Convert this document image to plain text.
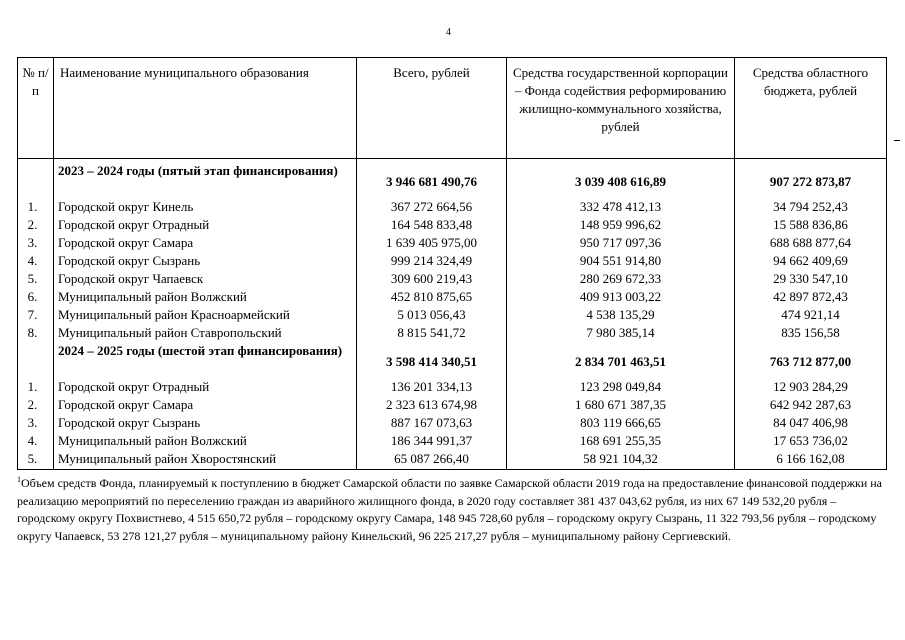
4
№ п/п	Наименование муниципального образования	Всего, рублей	Средства государственной корпорации – Фонда содействия реформированию жилищно-коммунального хозяйства, рублей	Средства областного бюджета, рублей
	2023 – 2024 годы (пятый этап финансирования)	3 946 681 490,76	3 039 408 616,89	907 272 873,87
1.	Городской округ Кинель	367 272 664,56	332 478 412,13	34 794 252,43
2.	Городской округ Отрадный	164 548 833,48	148 959 996,62	15 588 836,86
3.	Городской округ Самара	1 639 405 975,00	950 717 097,36	688 688 877,64
4.	Городской округ Сызрань	999 214 324,49	904 551 914,80	94 662 409,69
5.	Городской округ Чапаевск	309 600 219,43	280 269 672,33	29 330 547,10
6.	Муниципальный район Волжский	452 810 875,65	409 913 003,22	42 897 872,43
7.	Муниципальный район Красноармейский	5 013 056,43	4 538 135,29	474 921,14
8.	Муниципальный район Ставропольский	8 815 541,72	7 980 385,14	835 156,58
	2024 – 2025 годы (шестой этап финансирования)	3 598 414 340,51	2 834 701 463,51	763 712 877,00
1.	Городской округ Отрадный	136 201 334,13	123 298 049,84	12 903 284,29
2.	Городской округ Самара	2 323 613 674,98	1 680 671 387,35	642 942 287,63
3.	Городской округ Сызрань	887 167 073,63	803 119 666,65	84 047 406,98
4.	Муниципальный район Волжский	186 344 991,37	168 691 255,35	17 653 736,02
5.	Муниципальный район Хворостянский	65 087 266,40	58 921 104,32	6 166 162,08
$^1$Объем средств Фонда, планируемый к поступлению в бюджет Самарской области по заявке Самарской области 2019 года на предоставление финансовой поддержки на реализацию мероприятий по переселению граждан из аварийного жилищного фонда, в 2020 году составляет 381 437 043,62 рубля, из них 67 149 532,20 рубля – городскому округу Похвистнево, 4 515 650,72 рубля – городскому округу Самара, 148 945 728,60 рубля – городскому округу Сызрань, 11 322 793,56 рубля – городскому округу Чапаевск, 53 278 121,27 рубля – муниципальному району Кинельский, 96 225 217,27 рубля – муниципальному району Сергиевский.
